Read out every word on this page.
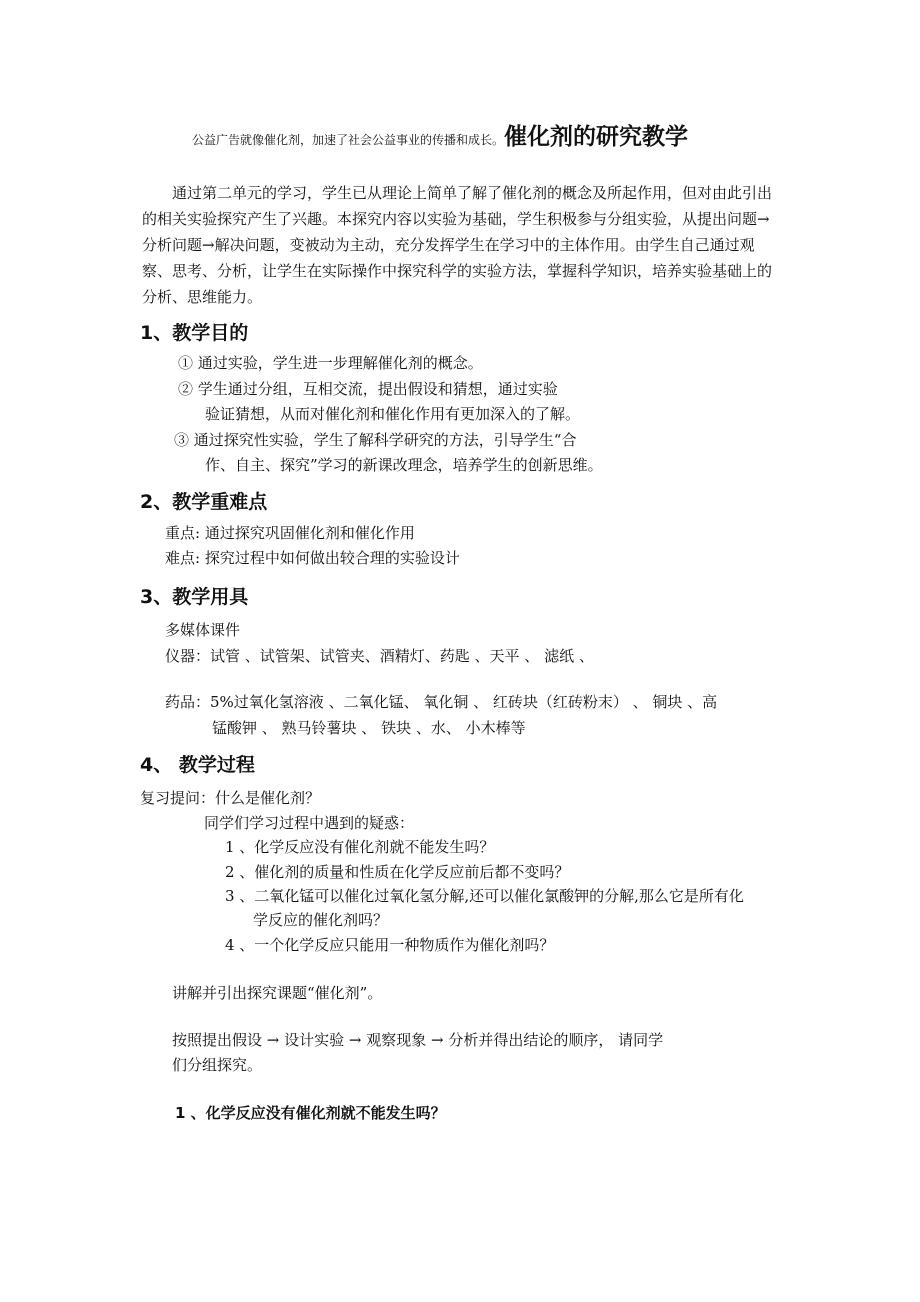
公益广告就像催化剂，加速了社会公益事业的传播和成长。催化剂的研究教学
通过第二单元的学习，学生已从理论上简单了解了催化剂的概念及所起作用，但对由此引出的相关实验探究产生了兴趣。本探究内容以实验为基础，学生积极参与分组实验，从提出问题→分析问题→解决问题，变被动为主动，充分发挥学生在学习中的主体作用。由学生自己通过观察、思考、分析，让学生在实际操作中探究科学的实验方法，掌握科学知识，培养实验基础上的分析、思维能力。
1、教学目的
① 通过实验，学生进一步理解催化剂的概念。
② 学生通过分组，互相交流，提出假设和猜想，通过实验
验证猜想，从而对催化剂和催化作用有更加深入的了解。
③ 通过探究性实验，学生了解科学研究的方法，引导学生“合
作、自主、探究”学习的新课改理念，培养学生的创新思维。
2、教学重难点
重点: 通过探究巩固催化剂和催化作用
难点: 探究过程中如何做出较合理的实验设计
3、教学用具
多媒体课件
仪器：试管 、试管架、试管夹、酒精灯、药匙 、天平 、 滤纸 、
药品：5%过氧化氢溶液 、二氧化锰、 氧化铜 、 红砖块（红砖粉末） 、 铜块 、高
锰酸钾 、 熟马铃薯块 、 铁块 、水、 小木棒等
4、 教学过程
复习提问：什么是催化剂？
同学们学习过程中遇到的疑惑：
1 、化学反应没有催化剂就不能发生吗？
2 、催化剂的质量和性质在化学反应前后都不变吗？
3 、二氧化锰可以催化过氧化氢分解,还可以催化氯酸钾的分解,那么它是所有化
学反应的催化剂吗？
4 、一个化学反应只能用一种物质作为催化剂吗？
讲解并引出探究课题“催化剂”。
按照提出假设 → 设计实验 → 观察现象 → 分析并得出结论的顺序， 请同学
们分组探究。
1 、化学反应没有催化剂就不能发生吗？
